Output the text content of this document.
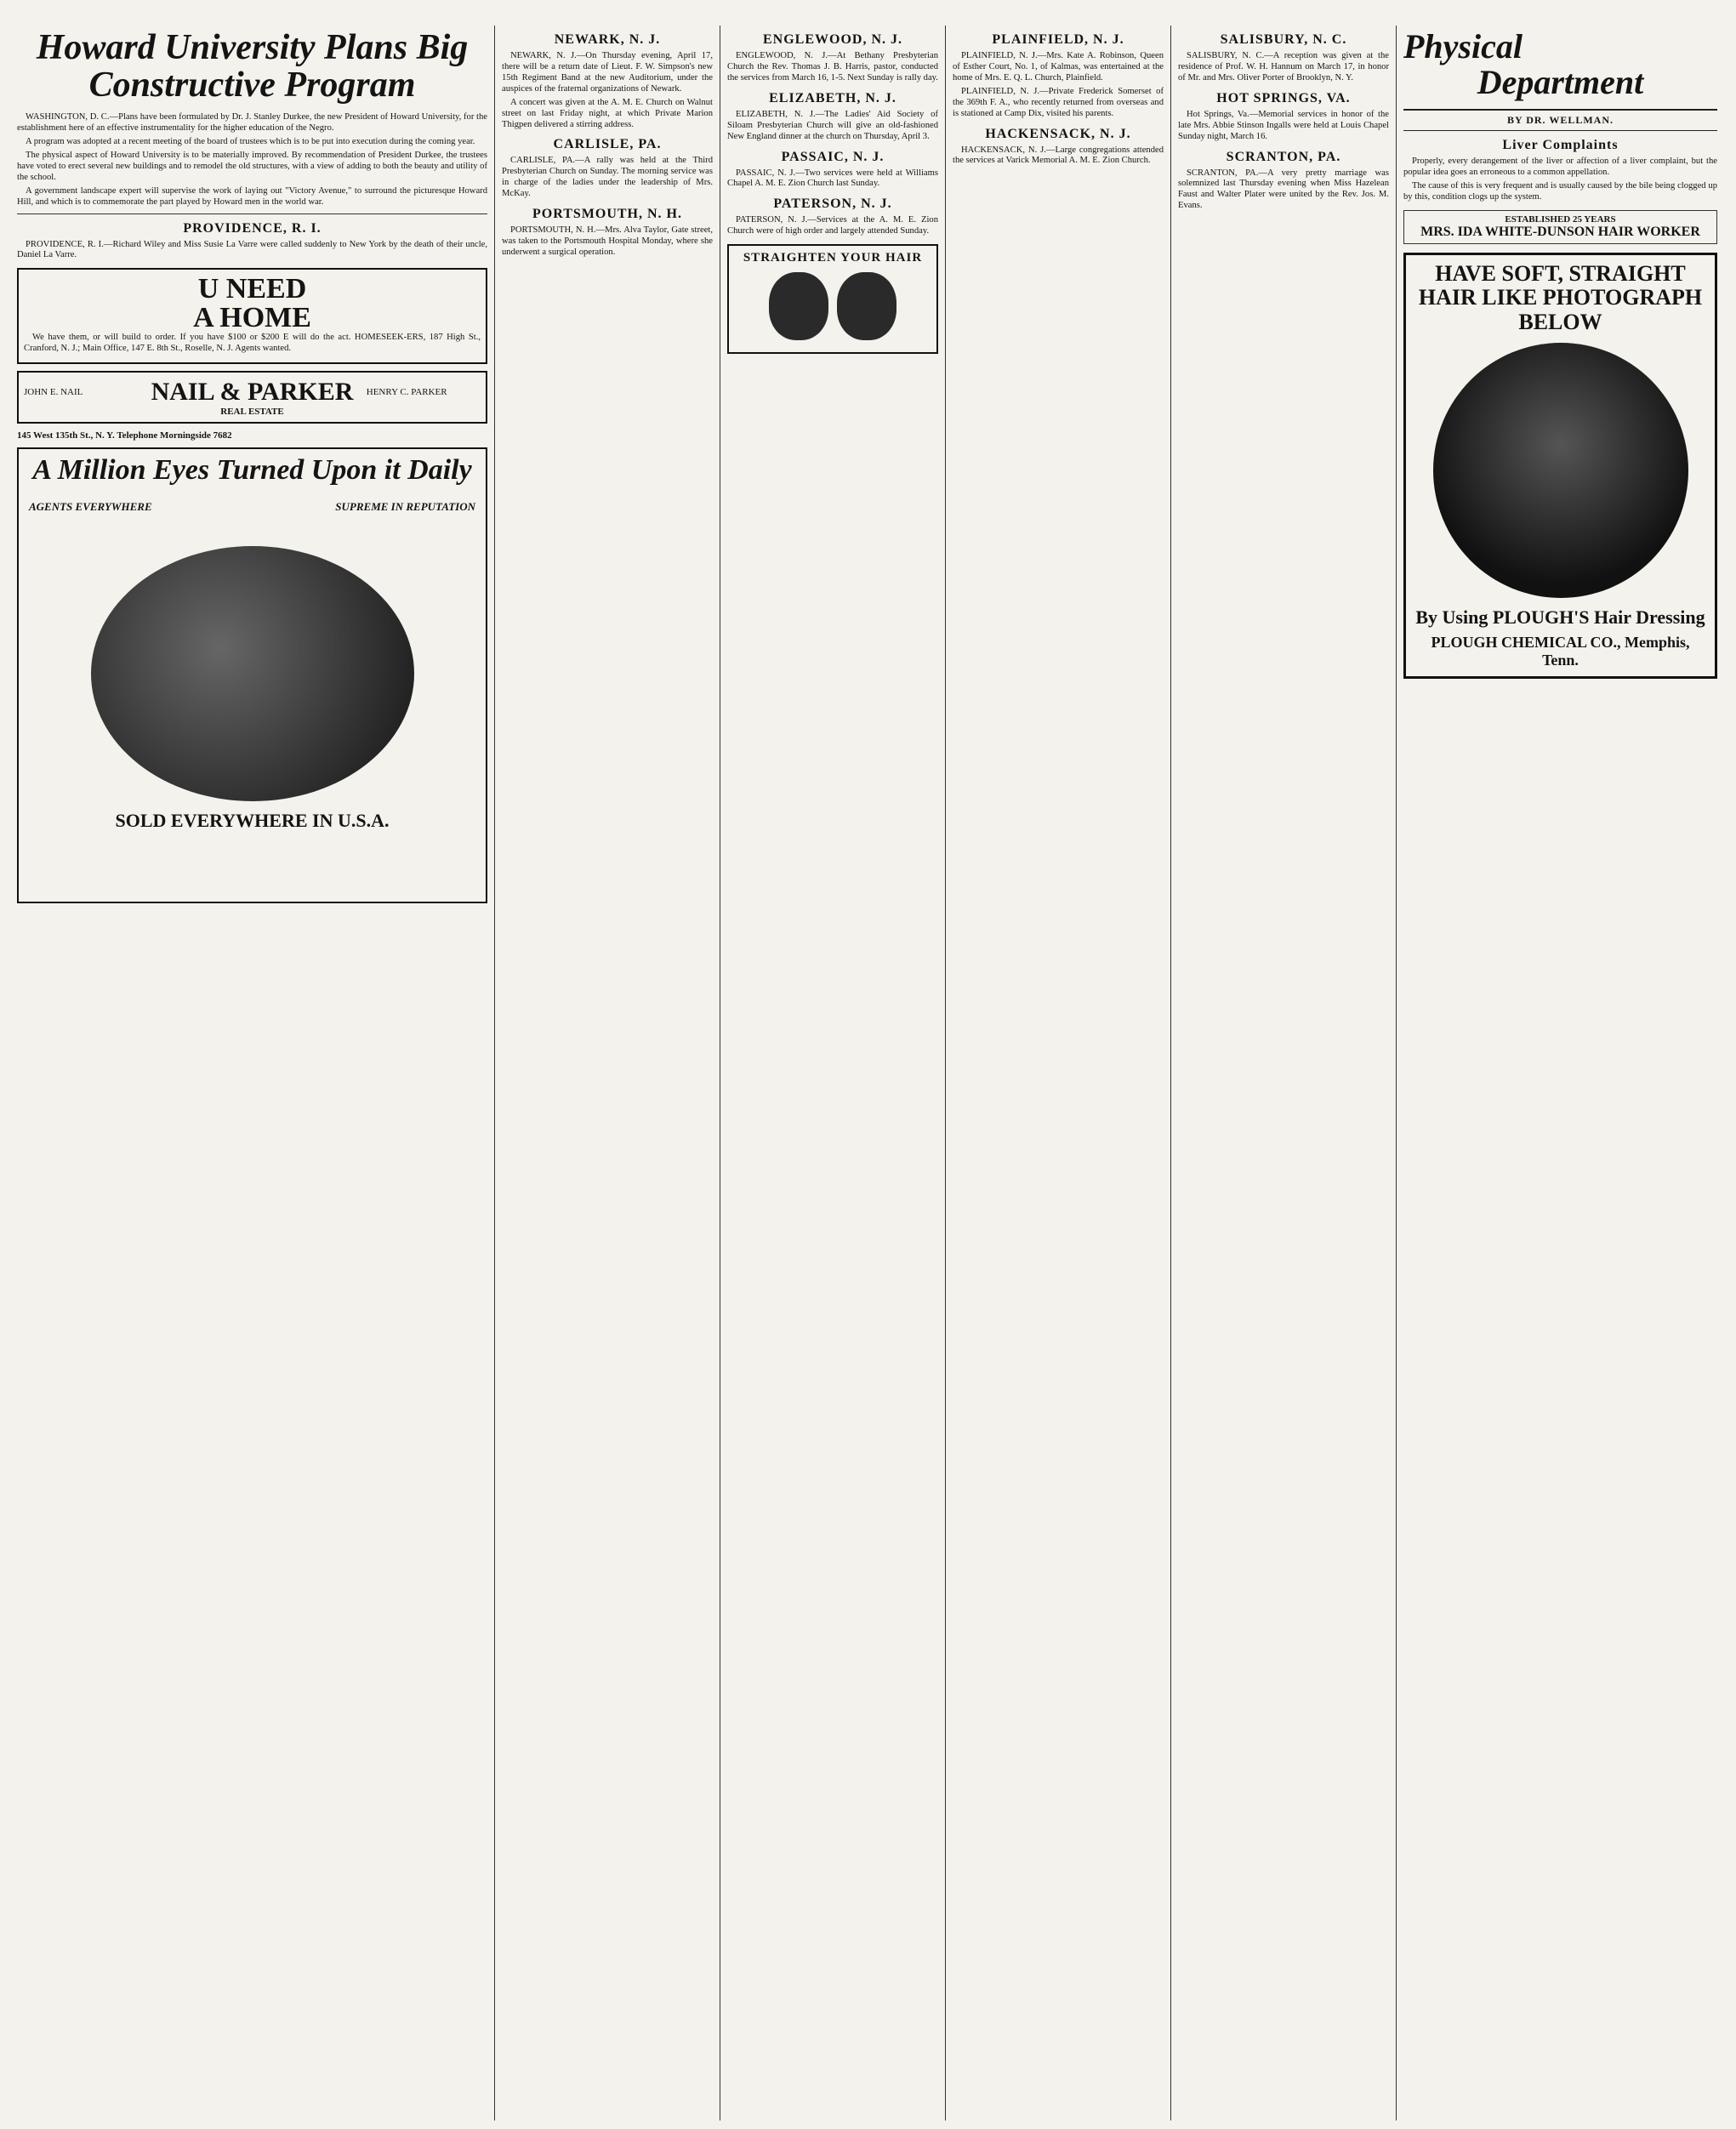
Howard University Plans Big Constructive Program

WASHINGTON, D. C.—Plans have been formulated by Dr. J. Stanley Durkee, the new President of Howard University, for the establishment here of an effective instrumentality for the higher education of the Negro.

A program was adopted at a recent meeting of the board of trustees which is to be put into execution during the coming year.

The physical aspect of Howard University is to be materially improved. By recommendation of President Durkee, the trustees have voted to erect several new buildings and to remodel the old structures, with a view of adding to both the beauty and utility of the school.

A government landscape expert will supervise the work of laying out "Victory Avenue," to surround the picturesque Howard Hill, and which is to commemorate the part played by Howard men in the world war.

PROVIDENCE, R. I.

PROVIDENCE, R. I.—Richard Wiley and Miss Susie La Varre were called suddenly to New York by the death of their uncle, Daniel La Varre.

U NEED
A HOME

We have them, or will build to order. If you have $100 or $200 E will do the act. HOMESEEK-ERS, 187 High St., Cranford, N. J.; Main Office, 147 E. 8th St., Roselle, N. J. Agents wanted.

JOHN E. NAIL	NAIL & PARKER	HENRY C. PARKER
REAL ESTATE
145 West 135th St., N. Y. Telephone Morningside 7682
A Million Eyes Turned Upon it Daily
AGENTS EVERYWHERE	SUPREME IN REPUTATION
SOLD EVERYWHERE IN U.S.A.
NEWARK, N. J.

NEWARK, N. J.—On Thursday evening, April 17, there will be a return date of Lieut. F. W. Simpson's new 15th Regiment Band at the new Auditorium, under the auspices of the fraternal organizations of Newark.

A concert was given at the A. M. E. Church on Walnut street on last Friday night, at which Private Marion Thigpen delivered a stirring address.

CARLISLE, PA.

CARLISLE, PA.—A rally was held at the Third Presbyterian Church on Sunday. The morning service was in charge of the ladies under the leadership of Mrs. McKay.

PORTSMOUTH, N. H.

PORTSMOUTH, N. H.—Mrs. Alva Taylor, Gate street, was taken to the Portsmouth Hospital Monday, where she underwent a surgical operation.

ENGLEWOOD, N. J.

ENGLEWOOD, N. J.—At Bethany Presbyterian Church the Rev. Thomas J. B. Harris, pastor, conducted the services from March 16, 1-5. Next Sunday is rally day.

ELIZABETH, N. J.

ELIZABETH, N. J.—The Ladies' Aid Society of Siloam Presbyterian Church will give an old-fashioned New England dinner at the church on Thursday, April 3.

PASSAIC, N. J.

PASSAIC, N. J.—Two services were held at Williams Chapel A. M. E. Zion Church last Sunday.

PATERSON, N. J.

PATERSON, N. J.—Services at the A. M. E. Zion Church were of high order and largely attended Sunday.

STRAIGHTEN YOUR HAIR
PLAINFIELD, N. J.

PLAINFIELD, N. J.—Mrs. Kate A. Robinson, Queen of Esther Court, No. 1, of Kalmas, was entertained at the home of Mrs. E. Q. L. Church, Plainfield.

PLAINFIELD, N. J.—Private Frederick Somerset of the 369th F. A., who recently returned from overseas and is stationed at Camp Dix, visited his parents.

HACKENSACK, N. J.

HACKENSACK, N. J.—Large congregations attended the services at Varick Memorial A. M. E. Zion Church.

SALISBURY, N. C.

SALISBURY, N. C.—A reception was given at the residence of Prof. W. H. Hannum on March 17, in honor of Mr. and Mrs. Oliver Porter of Brooklyn, N. Y.

HOT SPRINGS, VA.

Hot Springs, Va.—Memorial services in honor of the late Mrs. Abbie Stinson Ingalls were held at Louis Chapel Sunday night, March 16.

SCRANTON, PA.

SCRANTON, PA.—A very pretty marriage was solemnized last Thursday evening when Miss Hazelean Faust and Walter Plater were united by the Rev. Jos. M. Evans.

Physical
Department
BY DR. WELLMAN.
Liver Complaints

Properly, every derangement of the liver or affection of a liver complaint, but the popular idea goes an erroneous to a common appellation.

The cause of this is very frequent and is usually caused by the bile being clogged up by this, condition clogs up the system.

ESTABLISHED 25 YEARS
MRS. IDA WHITE-DUNSON HAIR WORKER
HAVE SOFT, STRAIGHT HAIR LIKE PHOTOGRAPH BELOW
By Using PLOUGH'S Hair Dressing
PLOUGH CHEMICAL CO., Memphis, Tenn.
